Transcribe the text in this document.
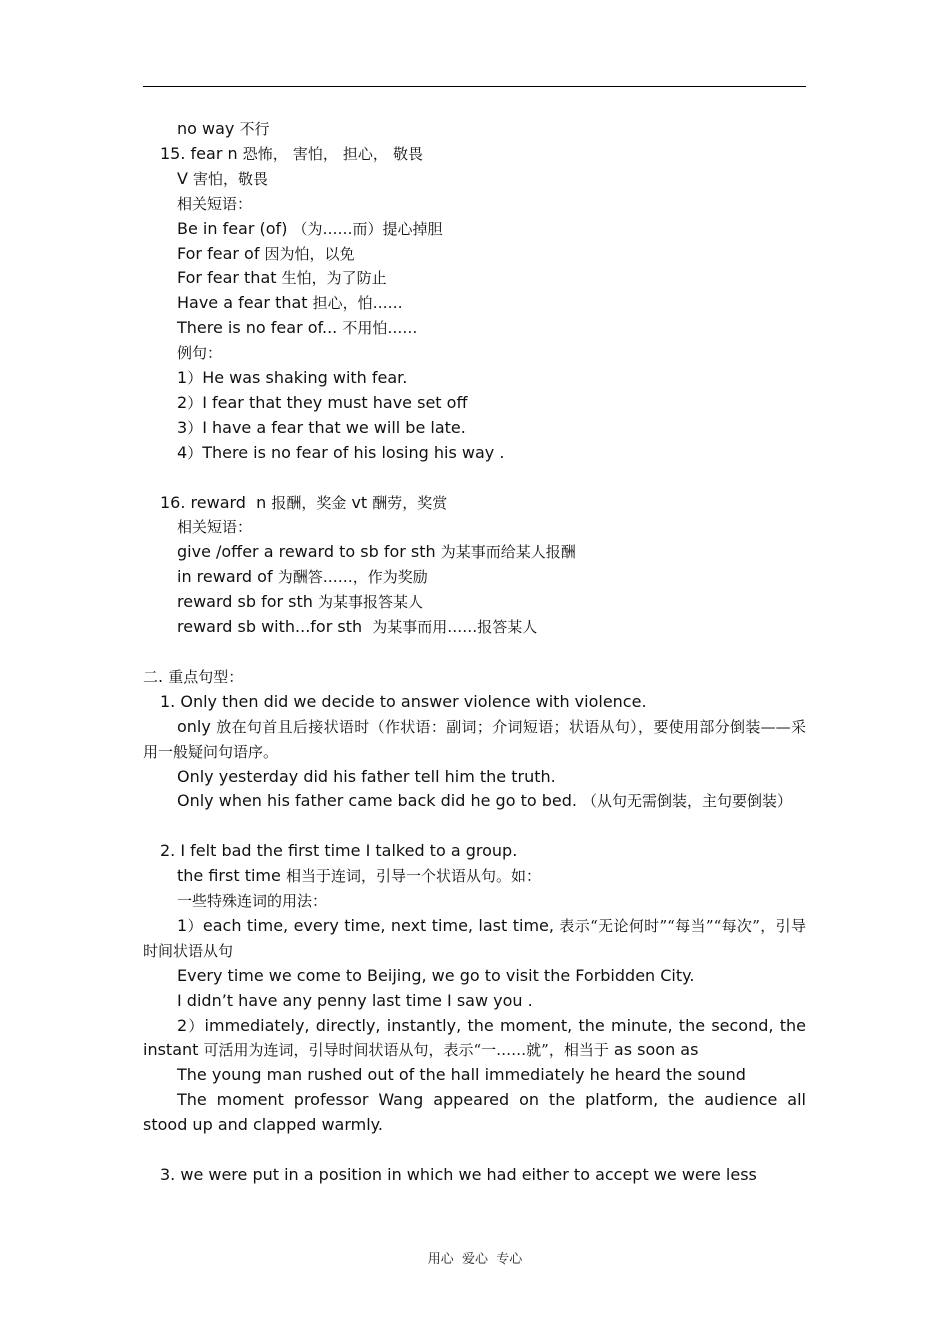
no way 不行
15. fear n 恐怖， 害怕， 担心， 敬畏
V 害怕，敬畏
相关短语：
Be in fear (of) （为……而）提心掉胆
For fear of 因为怕，以免
For fear that 生怕，为了防止
Have a fear that 担心，怕……
There is no fear of... 不用怕……
例句：
1）He was shaking with fear.
2）I fear that they must have set off
3）I have a fear that we will be late.
4）There is no fear of his losing his way .
16. reward  n 报酬，奖金 vt 酬劳，奖赏
相关短语：
give /offer a reward to sb for sth 为某事而给某人报酬
in reward of 为酬答……，作为奖励
reward sb for sth 为某事报答某人
reward sb with...for sth  为某事而用……报答某人
二. 重点句型：
1. Only then did we decide to answer violence with violence.
only 放在句首且后接状语时（作状语：副词；介词短语；状语从句），要使用部分倒装——采用一般疑问句语序。
Only yesterday did his father tell him the truth.
Only when his father came back did he go to bed. （从句无需倒装，主句要倒装）
2. I felt bad the first time I talked to a group.
the first time 相当于连词，引导一个状语从句。如：
一些特殊连词的用法：
1）each time, every time, next time, last time, 表示“无论何时”“每当”“每次”，引导时间状语从句
Every time we come to Beijing, we go to visit the Forbidden City.
I didn’t have any penny last time I saw you .
2）immediately, directly, instantly, the moment, the minute, the second, the instant 可活用为连词，引导时间状语从句，表示“一……就”，相当于 as soon as
The young man rushed out of the hall immediately he heard the sound
The moment professor Wang appeared on the platform, the audience all stood up and clapped warmly.
3. we were put in a position in which we had either to accept we were less
用心  爱心  专心
